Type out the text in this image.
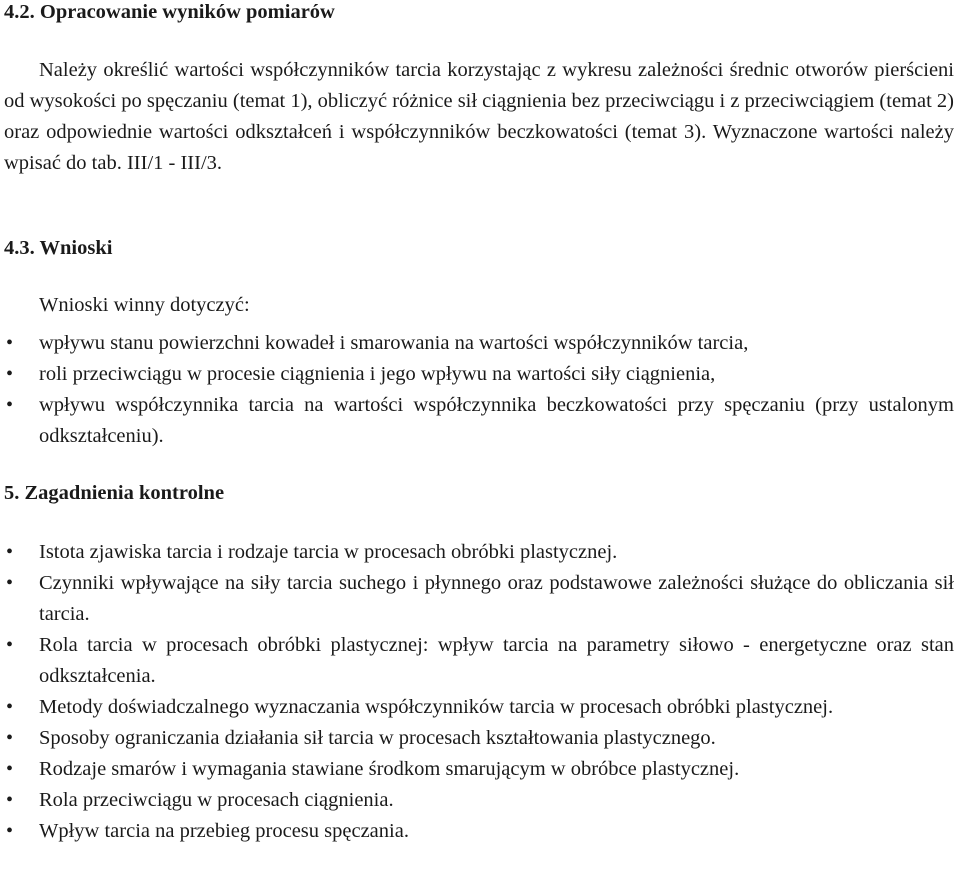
4.2. Opracowanie wyników pomiarów

Należy określić wartości współczynników tarcia korzystając z wykresu zależności średnic otworów pierścieni od wysokości po spęczaniu (temat 1), obliczyć różnice sił ciągnienia bez przeciwciągu i z przeciwciągiem (temat 2) oraz odpowiednie wartości odkształceń i współczynników beczkowatości (temat 3). Wyznaczone wartości należy wpisać do tab. III/1 - III/3.

4.3. Wnioski

Wnioski winny dotyczyć:

• wpływu stanu powierzchni kowadeł i smarowania na wartości współczynników tarcia,
• roli przeciwciągu w procesie ciągnienia i jego wpływu na wartości siły ciągnienia,
• wpływu współczynnika tarcia na wartości współczynnika beczkowatości przy spęczaniu (przy ustalonym odkształceniu).
5. Zagadnienia kontrolne
• Istota zjawiska tarcia i rodzaje tarcia w procesach obróbki plastycznej.
• Czynniki wpływające na siły tarcia suchego i płynnego oraz podstawowe zależności służące do obliczania sił tarcia.
• Rola tarcia w procesach obróbki plastycznej: wpływ tarcia na parametry siłowo - energetyczne oraz stan odkształcenia.
• Metody doświadczalnego wyznaczania współczynników tarcia w procesach obróbki plastycznej.
• Sposoby ograniczania działania sił tarcia w procesach kształtowania plastycznego.
• Rodzaje smarów i wymagania stawiane środkom smarującym w obróbce plastycznej.
• Rola przeciwciągu w procesach ciągnienia.
• Wpływ tarcia na przebieg procesu spęczania.
